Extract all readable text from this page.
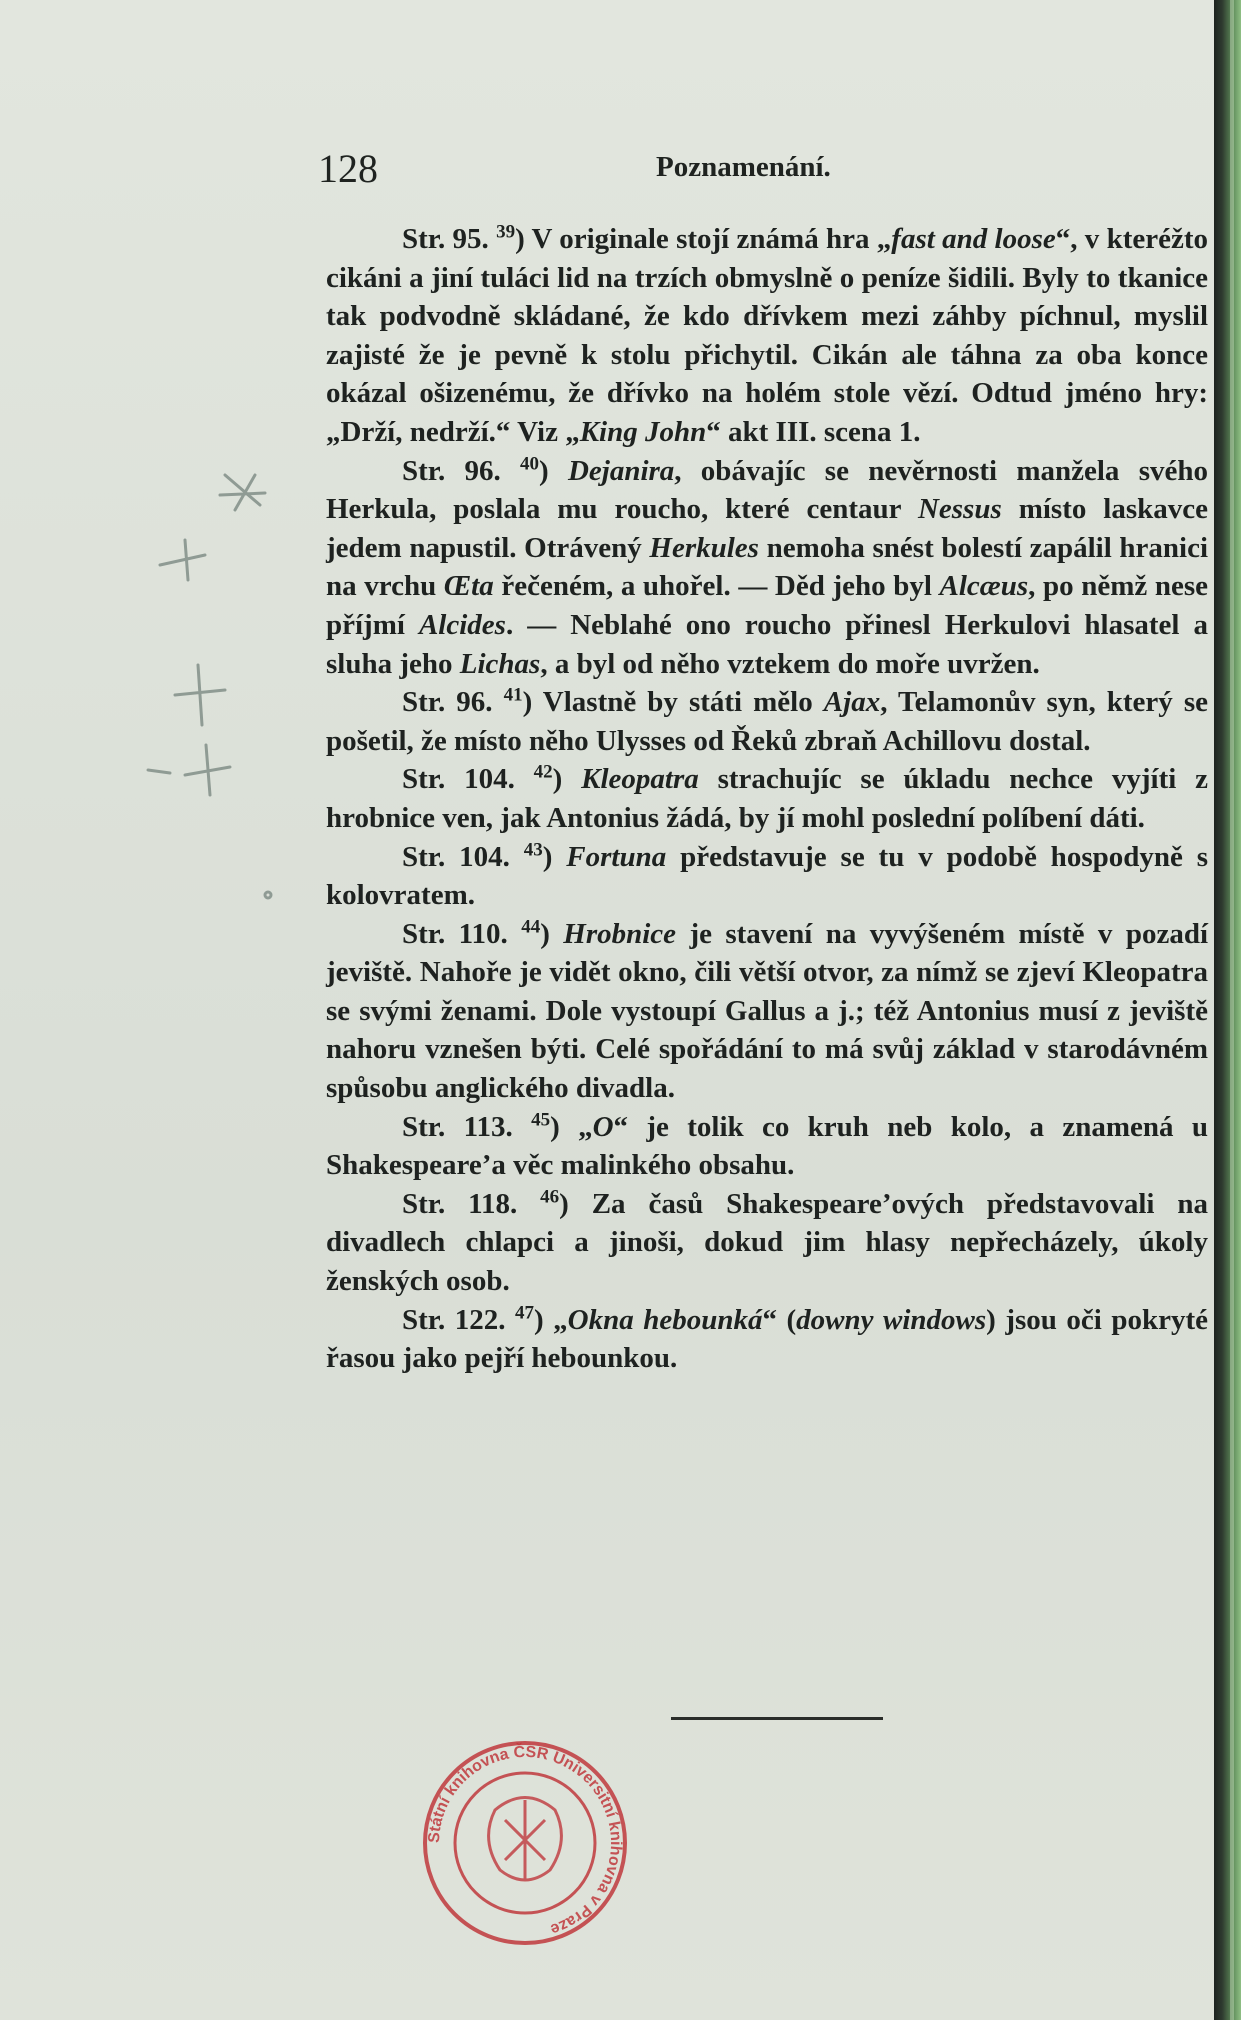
128	Poznamenání.

Str. 95. $^{39}$) V originale stojí známá hra „fast and loose“, v kteréžto cikáni a jiní tuláci lid na trzích obmyslně o peníze šidili. Byly to tkanice tak podvodně skládané, že kdo dřívkem mezi záhby píchnul, myslil zajisté že je pevně k stolu přichytil. Cikán ale táhna za oba konce okázal ošizenému, že dřívko na holém stole vězí. Odtud jméno hry: „Drží, nedrží.“ Viz „King John“ akt III. scena 1.

Str. 96. $^{40}$) Dejanira, obávajíc se nevěrnosti manžela svého Herkula, poslala mu roucho, které centaur Nessus místo laskavce jedem napustil. Otrávený Herkules nemoha snést bolestí zapálil hranici na vrchu Œta řečeném, a uhořel. — Děd jeho byl Alcæus, po němž nese příjmí Alcides. — Neblahé ono roucho přinesl Herkulovi hlasatel a sluha jeho Lichas, a byl od něho vztekem do moře uvržen.

Str. 96. $^{41}$) Vlastně by státi mělo Ajax, Telamonův syn, který se pošetil, že místo něho Ulysses od Řeků zbraň Achillovu dostal.

Str. 104. $^{42}$) Kleopatra strachujíc se úkladu nechce vyjíti z hrobnice ven, jak Antonius žádá, by jí mohl poslední políbení dáti.

Str. 104. $^{43}$) Fortuna představuje se tu v podobě hospodyně s kolovratem.

Str. 110. $^{44}$) Hrobnice je stavení na vyvýšeném místě v pozadí jeviště. Nahoře je vidět okno, čili větší otvor, za nímž se zjeví Kleopatra se svými ženami. Dole vystoupí Gallus a j.; též Antonius musí z jeviště nahoru vznešen býti. Celé spořádání to má svůj základ v starodávném spůsobu anglického divadla.

Str. 113. $^{45}$) „O“ je tolik co kruh neb kolo, a znamená u Shakespeare’a věc malinkého obsahu.

Str. 118. $^{46}$) Za časů Shakespeare’ových představovali na divadlech chlapci a jinoši, dokud jim hlasy nepřecházely, úkoly ženských osob.

Str. 122. $^{47}$) „Okna hebounká“ (downy windows) jsou oči pokryté řasou jako pejří hebounkou.

Státní knihovna ČSR Universitní knihovna v Praze
